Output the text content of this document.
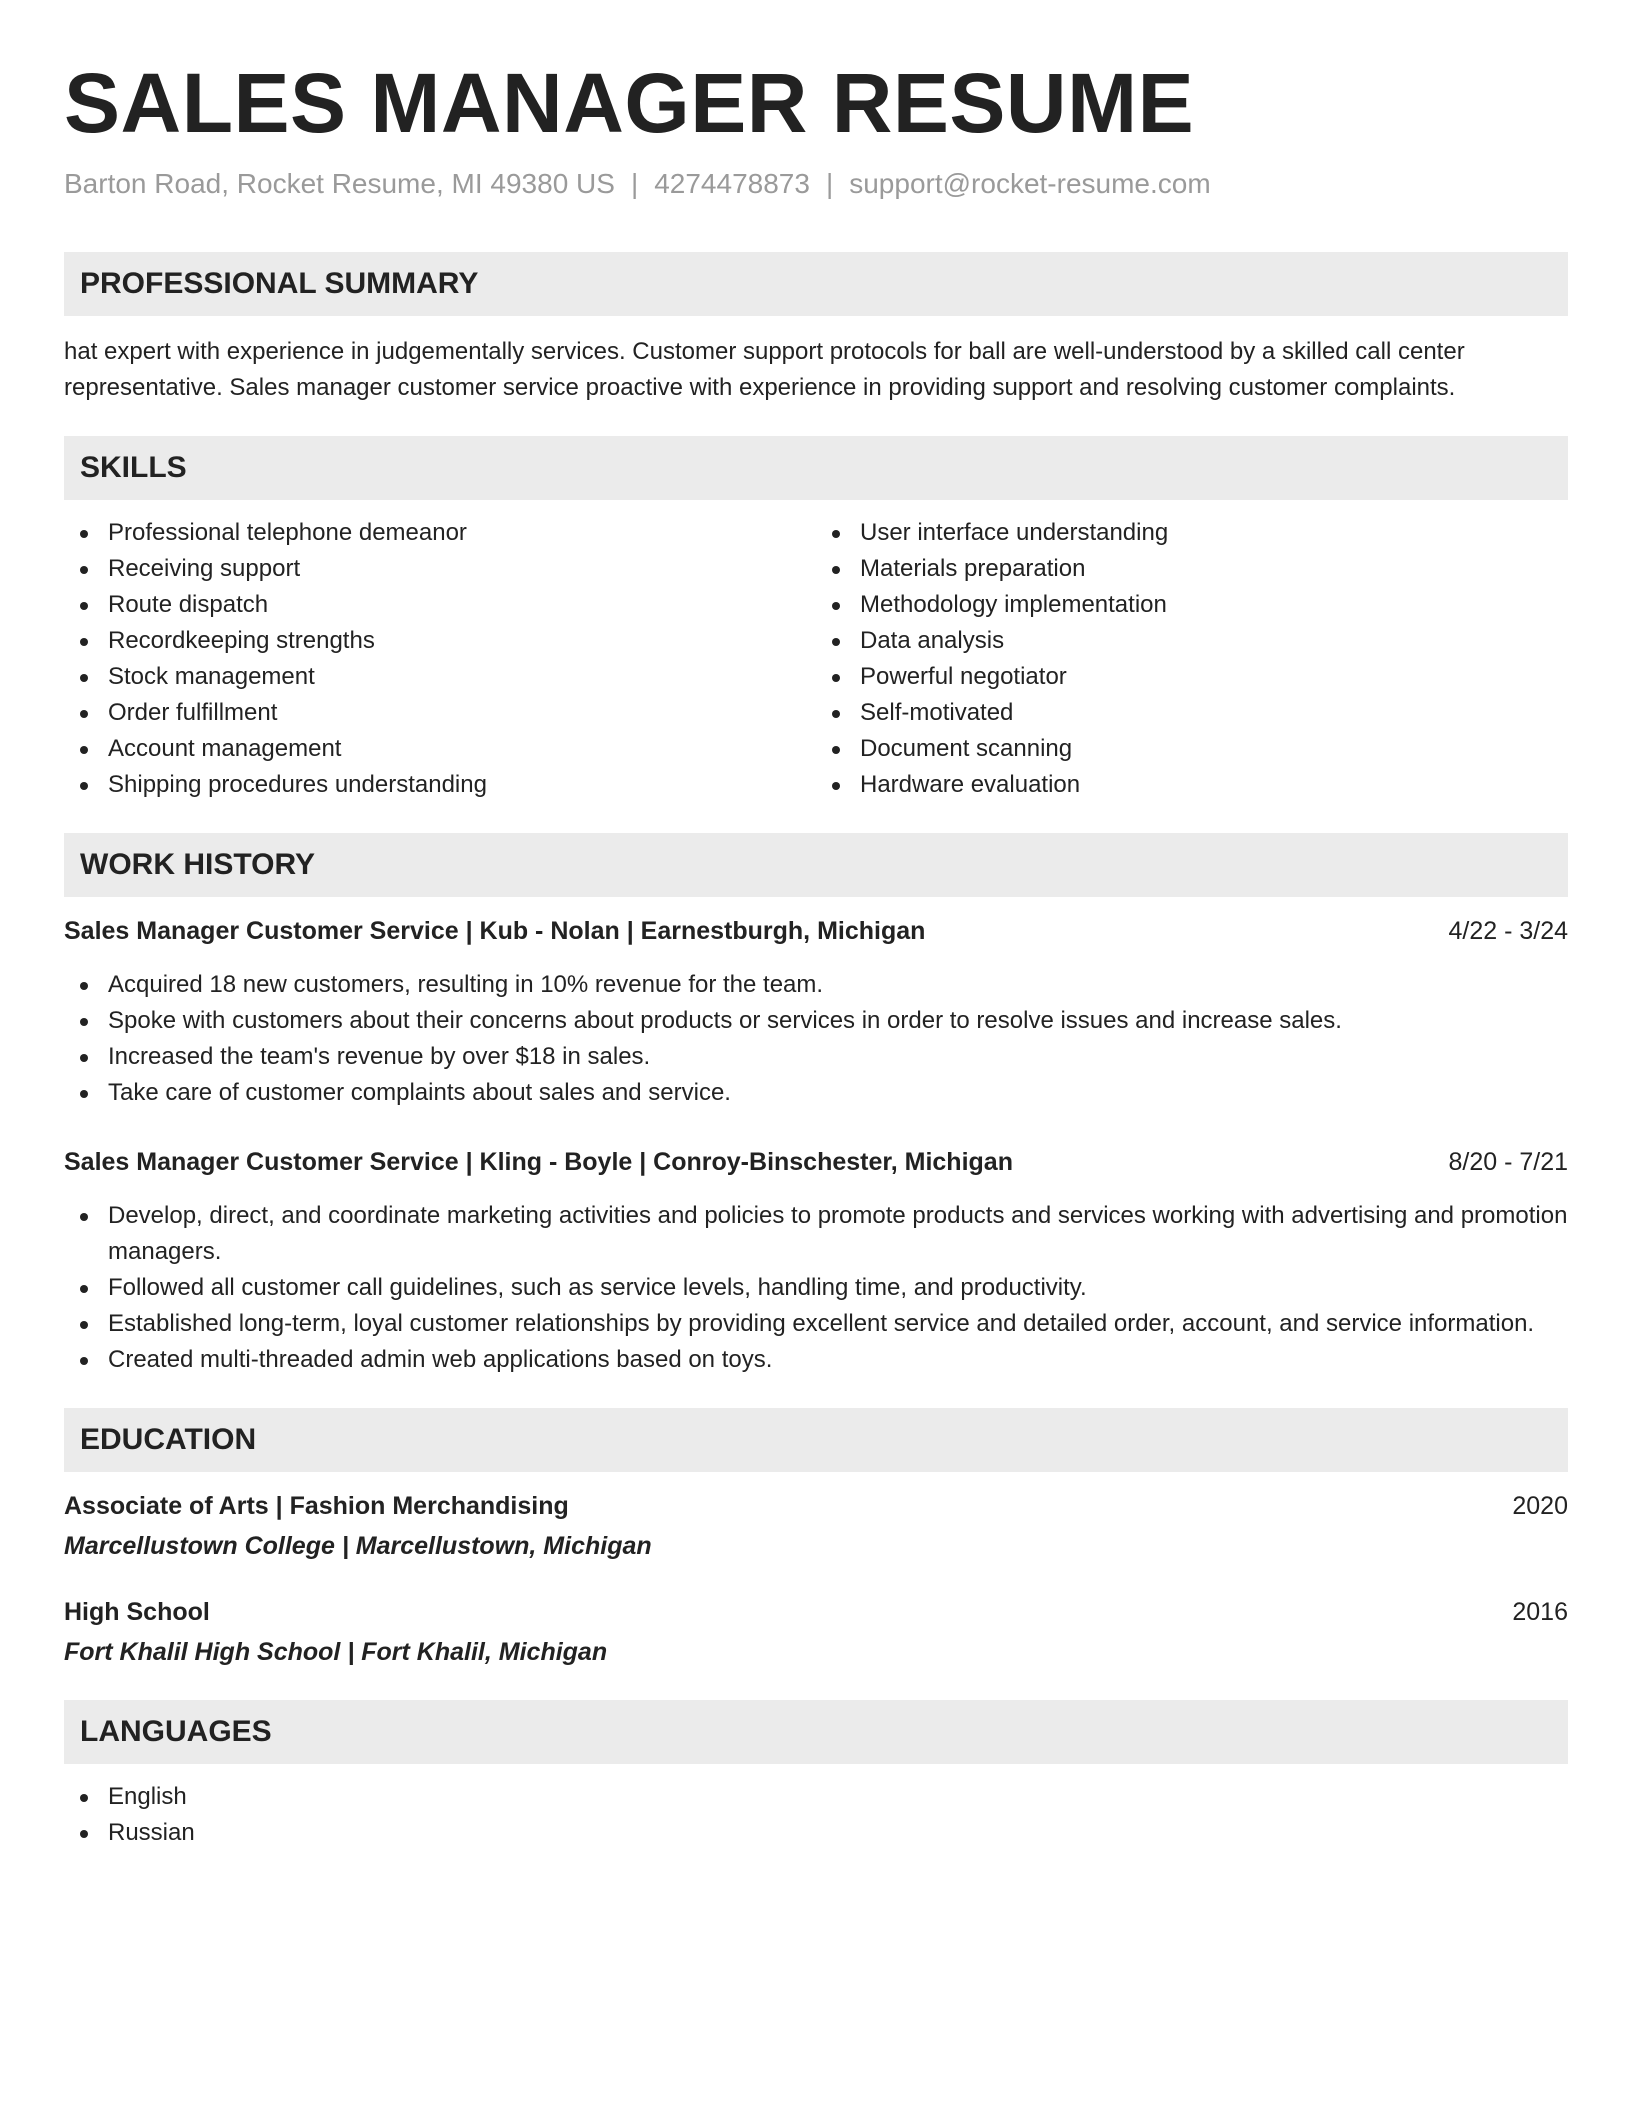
SALES MANAGER RESUME
Barton Road, Rocket Resume, MI 49380 US | 4274478873 | support@rocket-resume.com
PROFESSIONAL SUMMARY

hat expert with experience in judgementally services. Customer support protocols for ball are well-understood by a skilled call center representative. Sales manager customer service proactive with experience in providing support and resolving customer complaints.

SKILLS
Professional telephone demeanor
Receiving support
Route dispatch
Recordkeeping strengths
Stock management
Order fulfillment
Account management
Shipping procedures understanding
User interface understanding
Materials preparation
Methodology implementation
Data analysis
Powerful negotiator
Self-motivated
Document scanning
Hardware evaluation
WORK HISTORY
Sales Manager Customer Service | Kub - Nolan | Earnestburgh, Michigan	4/22 - 3/24
Acquired 18 new customers, resulting in 10% revenue for the team.
Spoke with customers about their concerns about products or services in order to resolve issues and increase sales.
Increased the team's revenue by over $18 in sales.
Take care of customer complaints about sales and service.
Sales Manager Customer Service | Kling - Boyle | Conroy-Binschester, Michigan	8/20 - 7/21
Develop, direct, and coordinate marketing activities and policies to promote products and services working with advertising and promotion managers.
Followed all customer call guidelines, such as service levels, handling time, and productivity.
Established long-term, loyal customer relationships by providing excellent service and detailed order, account, and service information.
Created multi-threaded admin web applications based on toys.
EDUCATION
Associate of Arts | Fashion Merchandising	2020
Marcellustown College | Marcellustown, Michigan
High School	2016
Fort Khalil High School | Fort Khalil, Michigan
LANGUAGES
English
Russian
